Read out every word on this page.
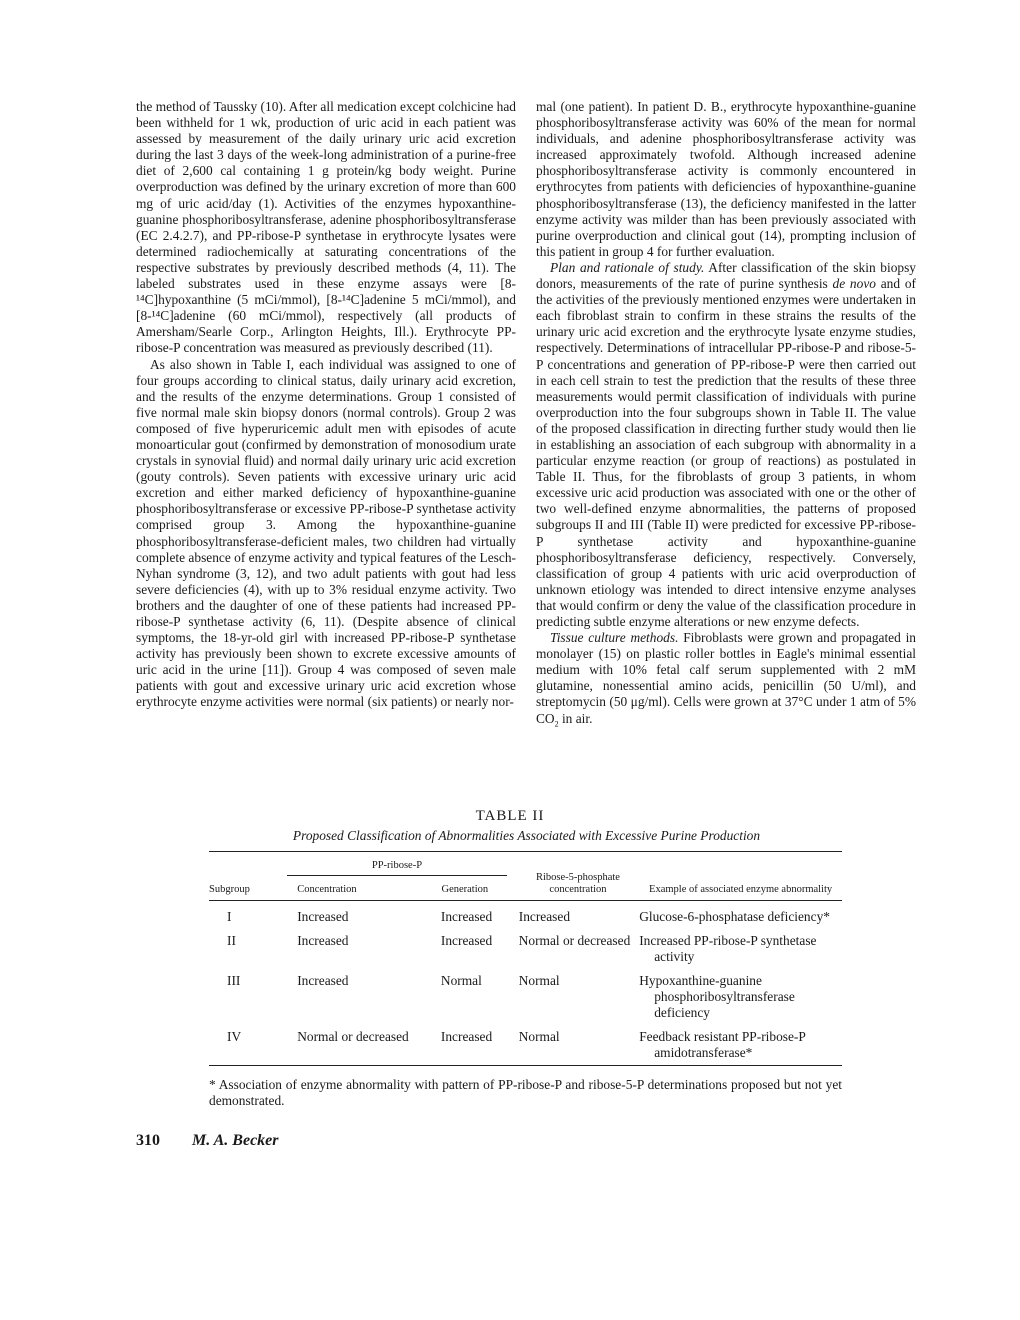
the method of Taussky (10). After all medication except colchicine had been withheld for 1 wk, production of uric acid in each patient was assessed by measurement of the daily urinary uric acid excretion during the last 3 days of the week-long administration of a purine-free diet of 2,600 cal containing 1 g protein/kg body weight. Purine overproduction was defined by the urinary excretion of more than 600 mg of uric acid/day (1). Activities of the enzymes hypoxanthine-guanine phosphoribosyltransferase, adenine phosphoribosyltransferase (EC 2.4.2.7), and PP-ribose-P synthetase in erythrocyte lysates were determined radiochemically at saturating concentrations of the respective substrates by previously described methods (4, 11). The labeled substrates used in these enzyme assays were [8-¹⁴C]hypoxanthine (5 mCi/mmol), [8-¹⁴C]adenine 5 mCi/mmol), and [8-¹⁴C]adenine (60 mCi/mmol), respectively (all products of Amersham/Searle Corp., Arlington Heights, Ill.). Erythrocyte PP-ribose-P concentration was measured as previously described (11).

As also shown in Table I, each individual was assigned to one of four groups according to clinical status, daily urinary acid excretion, and the results of the enzyme determinations. Group 1 consisted of five normal male skin biopsy donors (normal controls). Group 2 was composed of five hyperuricemic adult men with episodes of acute monoarticular gout (confirmed by demonstration of monosodium urate crystals in synovial fluid) and normal daily urinary uric acid excretion (gouty controls). Seven patients with excessive urinary uric acid excretion and either marked deficiency of hypoxanthine-guanine phosphoribosyltransferase or excessive PP-ribose-P synthetase activity comprised group 3. Among the hypoxanthine-guanine phosphoribosyltransferase-deficient males, two children had virtually complete absence of enzyme activity and typical features of the Lesch-Nyhan syndrome (3, 12), and two adult patients with gout had less severe deficiencies (4), with up to 3% residual enzyme activity. Two brothers and the daughter of one of these patients had increased PP-ribose-P synthetase activity (6, 11). (Despite absence of clinical symptoms, the 18-yr-old girl with increased PP-ribose-P synthetase activity has previously been shown to excrete excessive amounts of uric acid in the urine [11]). Group 4 was composed of seven male patients with gout and excessive urinary uric acid excretion whose erythrocyte enzyme activities were normal (six patients) or nearly nor-

mal (one patient). In patient D. B., erythrocyte hypoxanthine-guanine phosphoribosyltransferase activity was 60% of the mean for normal individuals, and adenine phosphoribosyltransferase activity was increased approximately twofold. Although increased adenine phosphoribosyltransferase activity is commonly encountered in erythrocytes from patients with deficiencies of hypoxanthine-guanine phosphoribosyltransferase (13), the deficiency manifested in the latter enzyme activity was milder than has been previously associated with purine overproduction and clinical gout (14), prompting inclusion of this patient in group 4 for further evaluation.

Plan and rationale of study. After classification of the skin biopsy donors, measurements of the rate of purine synthesis de novo and of the activities of the previously mentioned enzymes were undertaken in each fibroblast strain to confirm in these strains the results of the urinary uric acid excretion and the erythrocyte lysate enzyme studies, respectively. Determinations of intracellular PP-ribose-P and ribose-5-P concentrations and generation of PP-ribose-P were then carried out in each cell strain to test the prediction that the results of these three measurements would permit classification of individuals with purine overproduction into the four subgroups shown in Table II. The value of the proposed classification in directing further study would then lie in establishing an association of each subgroup with abnormality in a particular enzyme reaction (or group of reactions) as postulated in Table II. Thus, for the fibroblasts of group 3 patients, in whom excessive uric acid production was associated with one or the other of two well-defined enzyme abnormalities, the patterns of proposed subgroups II and III (Table II) were predicted for excessive PP-ribose-P synthetase activity and hypoxanthine-guanine phosphoribosyltransferase deficiency, respectively. Conversely, classification of group 4 patients with uric acid overproduction of unknown etiology was intended to direct intensive enzyme analyses that would confirm or deny the value of the classification procedure in predicting subtle enzyme alterations or new enzyme defects.

Tissue culture methods. Fibroblasts were grown and propagated in monolayer (15) on plastic roller bottles in Eagle's minimal essential medium with 10% fetal calf serum supplemented with 2 mM glutamine, nonessential amino acids, penicillin (50 U/ml), and streptomycin (50 μg/ml). Cells were grown at 37°C under 1 atm of 5% $CO_2$ in air.

TABLE II
Proposed Classification of Abnormalities Associated with Excessive Purine Production
Subgroup	PP-ribose-P		Ribose-5-phosphate concentration	Example of associated enzyme abnormality
	Concentration	Generation		
I	Increased	Increased	Increased	Glucose-6-phosphatase deficiency*

II	Increased	Increased	Normal or decreased	Increased PP-ribose-P synthetase activity

III	Increased	Normal	Normal	Hypoxanthine-guanine phosphoribosyltransferase deficiency

IV	Normal or decreased	Increased	Normal	Feedback resistant PP-ribose-P amidotransferase*
* Association of enzyme abnormality with pattern of PP-ribose-P and ribose-5-P determinations proposed but not yet demonstrated.
310 M. A. Becker
